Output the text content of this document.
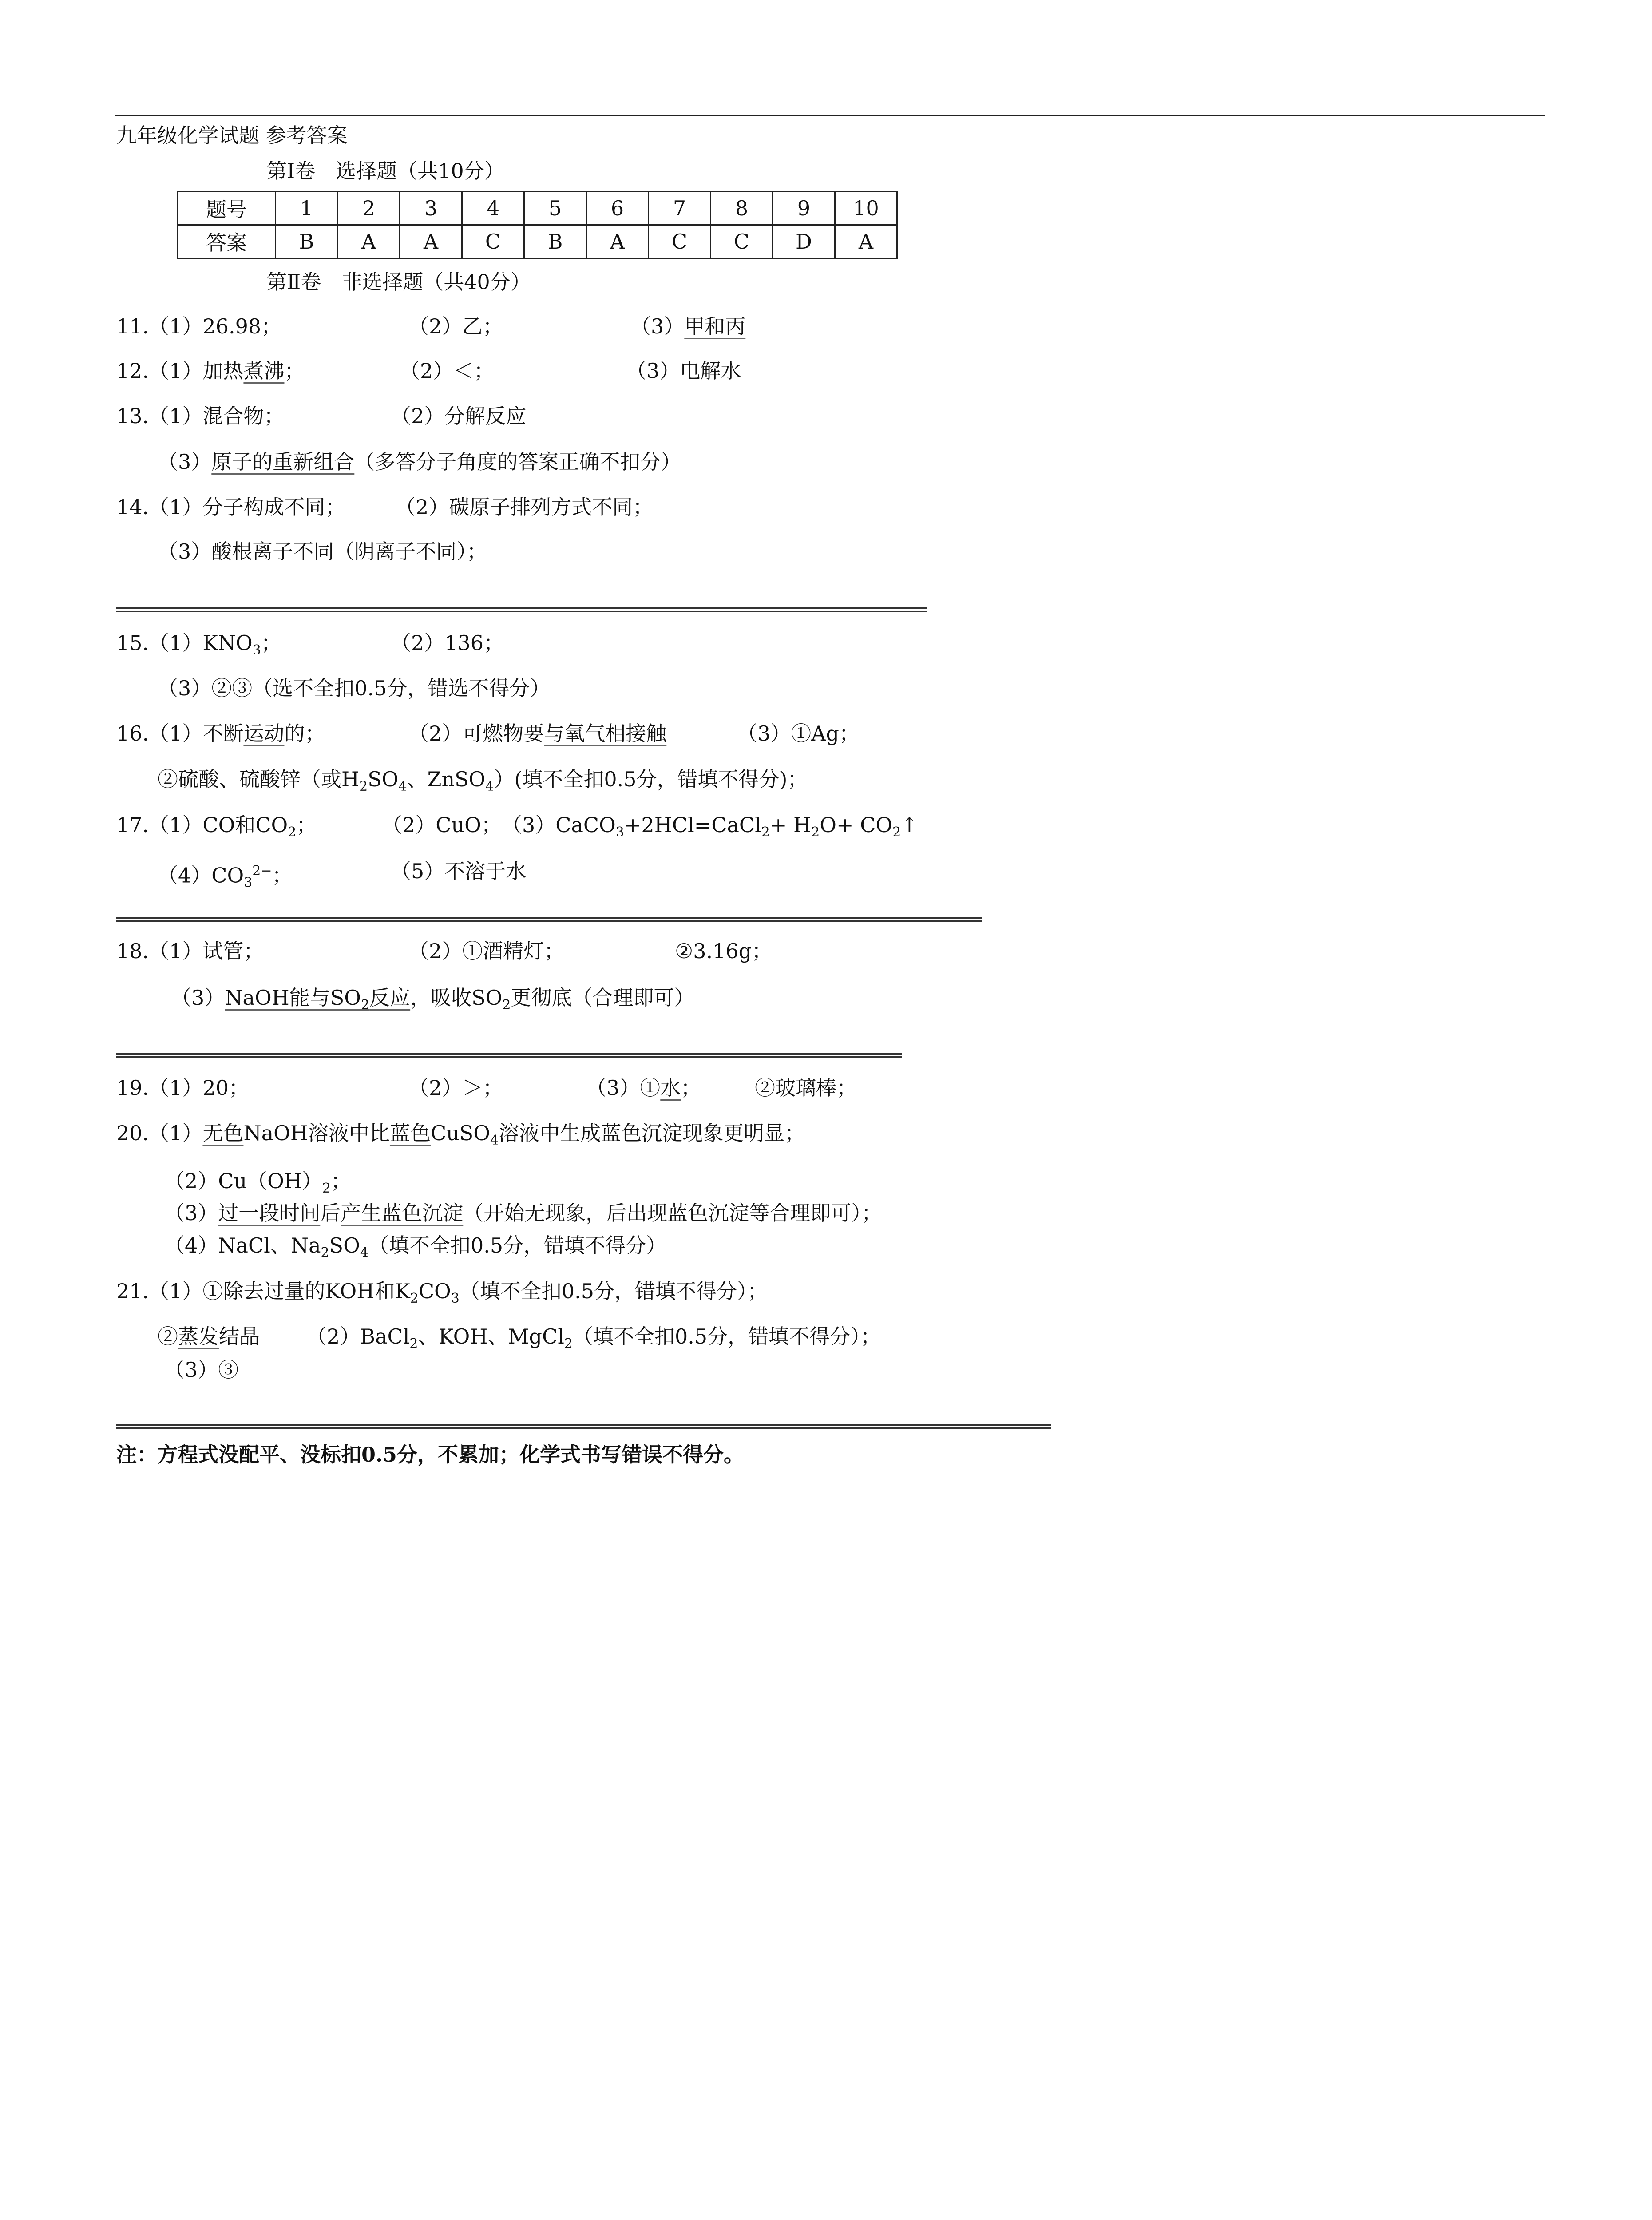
九年级化学试题 参考答案
第Ⅰ卷　选择题（共10分）
题号	1	2	3	4	5	6	7	8	9	10
答案	B	A	A	C	B	A	C	C	D	A
第Ⅱ卷　非选择题（共40分）
11.（1）26.98；	（2）乙；	（3）甲和丙
12.（1）加热煮沸；	（2）＜；	（3）电解水
13.（1）混合物；	（2）分解反应
（3）原子的重新组合（多答分子角度的答案正确不扣分）
14.（1）分子构成不同； （2）碳原子排列方式不同；
（3）酸根离子不同（阴离子不同）；
$15.(1)KNO_3$；	（2）136；
（3）②③（选不全扣0.5分，错选不得分）
16.（1）不断运动的；	（2）可燃物要与氧气相接触	（3）①Ag；
②硫酸、硫酸锌（或$H_2SO_4$、ZnSO$_4$）(填不全扣0.5分，错填不得分)；
17.（1）CO和$CO_2$；	（2）CuO； （3）CaCO$_3$+2HCl=CaCl$_2$+ $H_2O+$ $CO_2↑$
$(4)CO_3^{2-}$；	（5）不溶于水
18.（1）试管；	（2）①酒精灯；	②3.16g；
（3）NaOH能与$SO_2$反应，吸收$SO_2$更彻底（合理即可）
19.（1）20；	（2）＞；	（3）①水；	②玻璃棒；
20.（1）无色NaOH溶液中比蓝色CuSO$_4$溶液中生成蓝色沉淀现象更明显；
$(2)Cu(OH)_2$；
（3）过一段时间后产生蓝色沉淀（开始无现象，后出现蓝色沉淀等合理即可）；
（4）NaCl、$Na_2SO_4$（填不全扣0.5分，错填不得分）
21.（1）①除去过量的KOH和$K_2CO_3$（填不全扣0.5分，错填不得分）；
②蒸发结晶 （2）BaCl$_2$、KOH、MgCl$_2$（填不全扣0.5分，错填不得分）；
（3）③
注：方程式没配平、没标扣0.5分，不累加；化学式书写错误不得分。
